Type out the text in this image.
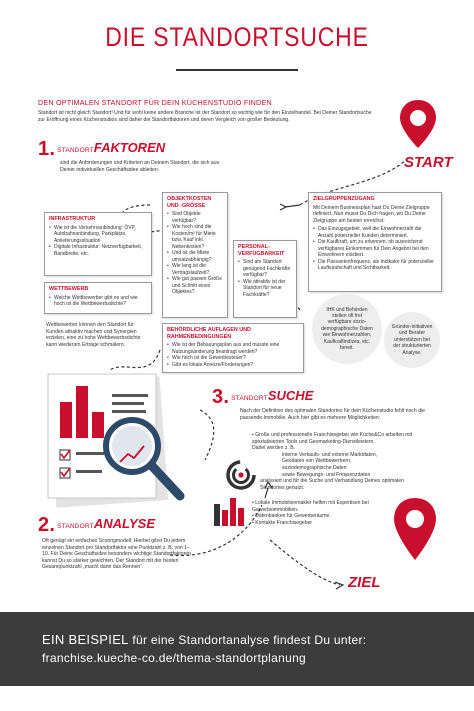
DIE STANDORTSUCHE
DEN OPTIMALEN STANDORT FÜR DEIN KÜCHENSTUDIO FINDEN
Standort ist nicht gleich Standort! Und für wohl keine andere Branche ist der Standort so wichtig wie für den Einzelhandel. Bei Deiner Standortsuche zur Eröffnung eines Küchenstudios sind daher die Standortfaktoren und deren Vergleich von großer Bedeutung.
START
1. STANDORTFAKTOREN
sind die Anforderungen und Kriterien an Deinem Standort, die sich aus Deiner individuellen Geschäftsidee ableiten.
INFRASTRUKTUR
• Wie ist die Verkehrsanbindung: ÖVP, Autobahnanbindung, Parkplätze, Anlieferungssituation
• Digitale Infrastruktur: Netzverfügbarkeit, Bandbreite, etc.
OBJEKTKOSTEN UND -GRÖSSE
• Sind Objekte verfügbar?
• Wie hoch sind die Kosten/m² für Miete bzw. Kauf inkl. Nebenkosten?
• Und ist die Miete umsatzabhängig?
• Wie lang ist die Vertragslaufzeit?
• Wie gut passen Größe und Schnitt eines Objektes?
PERSONAL-VERFÜGBARKEIT
• Sind am Standort genügend Fachkräfte verfügbar?
• Wie attraktiv ist der Standort für neue Fachkräfte?
WETTBEWERB
• Welche Wettbewerber gibt es und wie hoch ist die Wettbewerbsdichte?
Wettbewerber können den Standort für Kunden attraktiv machen und Synergien erzielen, eine zu hohe Wettbewerbsdichte kann wiederum Erträge schmälern.
ZIELGRUPPENZUGANG
Mit Deinem Businessplan hast Du Deine Zielgruppe definiert. Nun musst Du Dich fragen, wo Du Deine Zielgruppe am besten erreichst:
• Das Einzugsgebiet, weil die Einwohnerzahl die Anzahl potenzieller Kunden determiniert.
• Die Kaufkraft, um zu erkennen, ob ausreichend verfügbares Einkommen für Dein Angebot bei den Einwohnern existiert.
• Die Passantenfrequenz, als Indikator für potenzieller Laufkundschaft und Sichtbarkeit.
IHK und Behörden stellen oft frei verfügbare sozio-demographische Daten wie Einwohnerzahlen, Kaufkraftindizes, etc. bereit.
Gründer-initiativen und Berater unterstützen bei der strukturierten Analyse.
BEHÖRDLICHE AUFLAGEN UND RAHMENBEDINGUNGEN
• Wie ist der Bebauungsplan aus und müsste eine Nutzungsänderung beantragt werden?
• Wie hoch ist die Gewerbesteuer?
• Gibt es lokale Anreize/Förderungen?
2. STANDORTANALYSE
Oft genügt ein einfaches Scoringmodell: Hierbei gibst Du jedem einzelnen Standort pro Standortfaktor eine Punktzahl z. B. von 1–10. Für Deine Geschäftsidee besonders wichtige Standortfaktoren kannst Du so stärker gewichten. Der Standort mit der besten Gesamtpunktzahl „macht dann das Rennen“.
3. STANDORTSUCHE
Nach der Definition des optimalen Standortes für dein Küchenstudio fehlt noch die passende Immobilie. Auch hier gibt es mehrere Möglichkeiten:
• Große und professionelle Franchisegeber wie Küche&Co arbeiten mit spezialisierten Tools und Geomarketing-Dienstleistern.
Dabei werden z. B.
interne Verkaufs- und externe Marktdaten,
Geodaten von Wettbewerbern,
soziodemographische Daten
sowie Bewegungs- und Frequenzdaten
analysiert und für die Suche und Verhandlung Deines optimalen Standortes genutzt.
• Lokale Immobilienmakler helfen mit Expertisen bei Gewerbeimmobilien.
• Datenbanken für Gewerberäume.
• Kontakte Franchisegeber
ZIEL
EIN BEISPIEL für eine Standortanalyse findest Du unter:
franchise.kueche-co.de/thema-standortplanung
